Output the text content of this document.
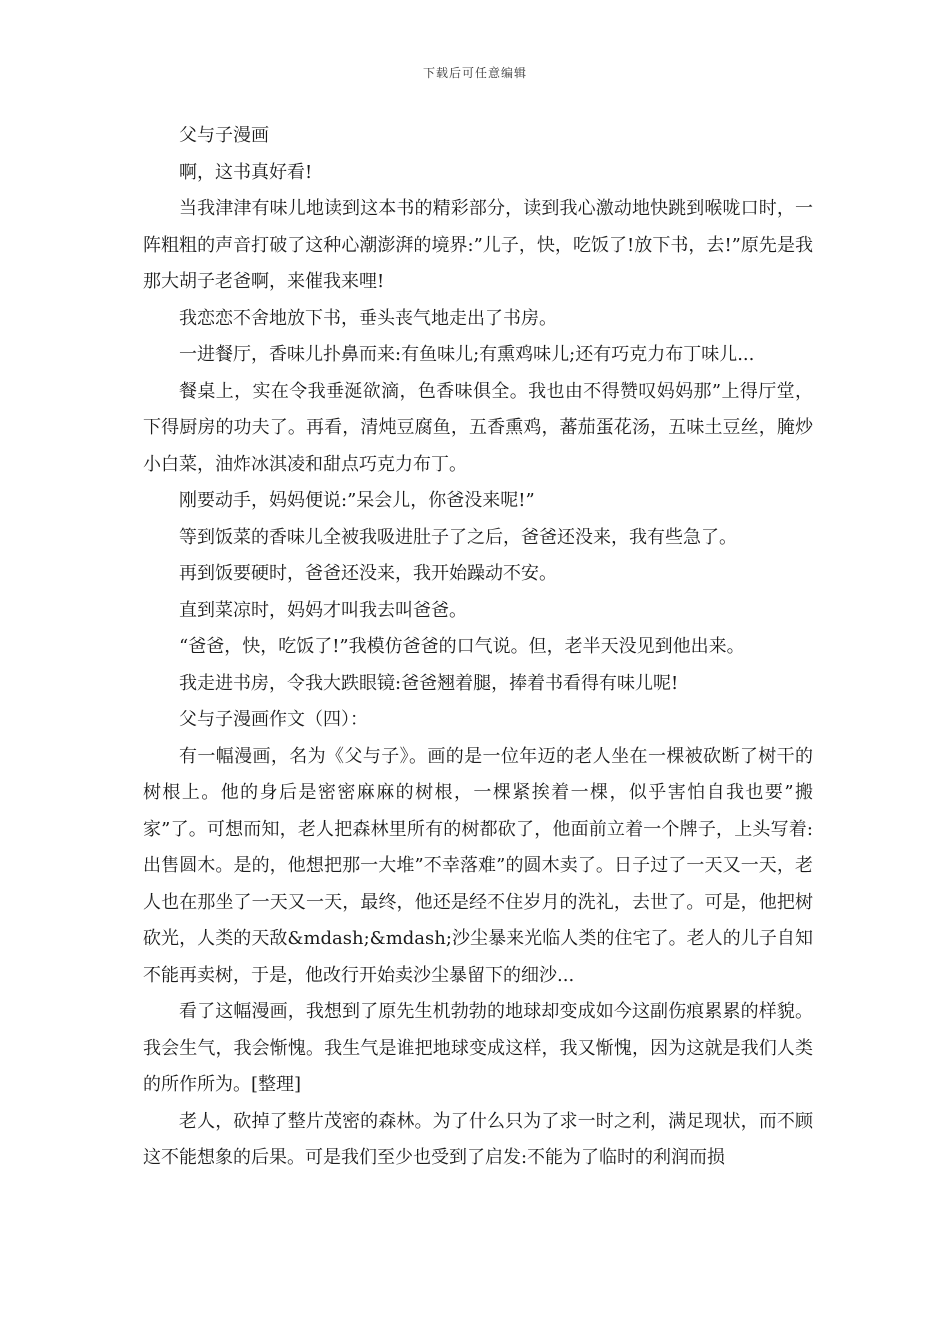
下载后可任意编辑

父与子漫画

啊，这书真好看!

当我津津有味儿地读到这本书的精彩部分，读到我心激动地快跳到喉咙口时，一阵粗粗的声音打破了这种心潮澎湃的境界:”儿子，快，吃饭了!放下书，去!”原先是我那大胡子老爸啊，来催我来哩!

我恋恋不舍地放下书，垂头丧气地走出了书房。

一进餐厅，香味儿扑鼻而来:有鱼味儿;有熏鸡味儿;还有巧克力布丁味儿...

餐桌上，实在令我垂涎欲滴，色香味俱全。我也由不得赞叹妈妈那”上得厅堂，下得厨房的功夫了。再看，清炖豆腐鱼，五香熏鸡，蕃茄蛋花汤，五味土豆丝，腌炒小白菜，油炸冰淇凌和甜点巧克力布丁。

刚要动手，妈妈便说:”呆会儿，你爸没来呢!”

等到饭菜的香味儿全被我吸进肚子了之后，爸爸还没来，我有些急了。

再到饭要硬时，爸爸还没来，我开始躁动不安。

直到菜凉时，妈妈才叫我去叫爸爸。

“爸爸，快，吃饭了!”我模仿爸爸的口气说。但，老半天没见到他出来。

我走进书房，令我大跌眼镜:爸爸翘着腿，捧着书看得有味儿呢!

父与子漫画作文（四）：

有一幅漫画，名为《父与子》。画的是一位年迈的老人坐在一棵被砍断了树干的树根上。他的身后是密密麻麻的树根，一棵紧挨着一棵，似乎害怕自我也要”搬家”了。可想而知，老人把森林里所有的树都砍了，他面前立着一个牌子，上头写着:出售圆木。是的，他想把那一大堆”不幸落难”的圆木卖了。日子过了一天又一天，老人也在那坐了一天又一天，最终，他还是经不住岁月的洗礼，去世了。可是，他把树砍光，人类的天敌&mdash;&mdash;沙尘暴来光临人类的住宅了。老人的儿子自知不能再卖树，于是，他改行开始卖沙尘暴留下的细沙...

看了这幅漫画，我想到了原先生机勃勃的地球却变成如今这副伤痕累累的样貌。我会生气，我会惭愧。我生气是谁把地球变成这样，我又惭愧，因为这就是我们人类的所作所为。[整理]

老人，砍掉了整片茂密的森林。为了什么只为了求一时之利，满足现状，而不顾这不能想象的后果。可是我们至少也受到了启发:不能为了临时的利润而损
